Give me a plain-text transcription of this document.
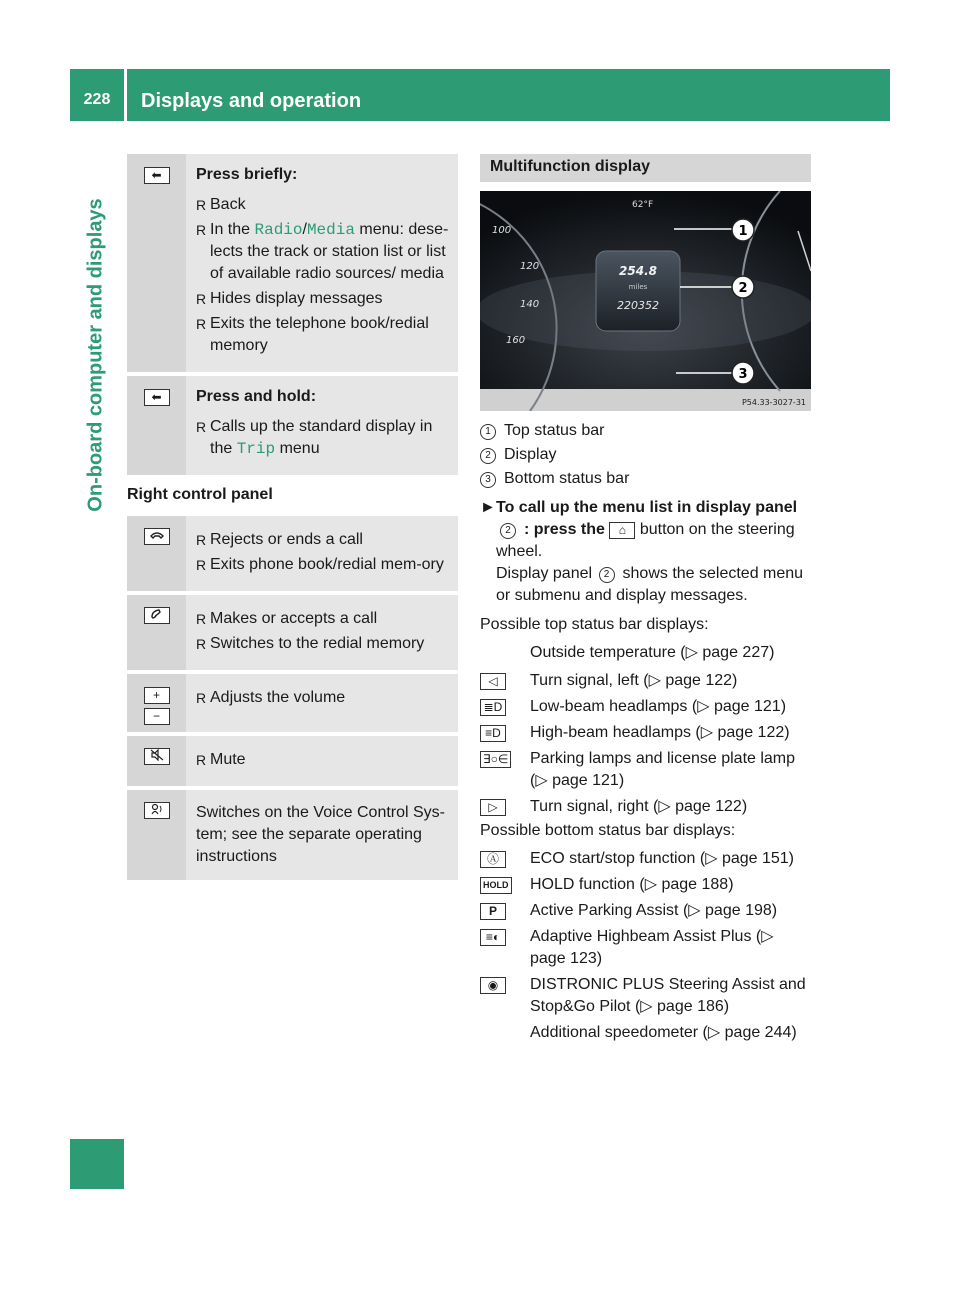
228	Displays and operation
On-board computer and displays
⬅	Press briefly:

R Back

R In the Radio/Media menu: dese-lects the track or station list or list of available radio sources/ media

R Hides display messages

R Exits the telephone book/redial memory

⬅	Press and hold:

R Calls up the standard display in the Trip menu

Right control panel

R Rejects or ends a call

R Exits phone book/redial mem-ory

R Makes or accepts a call

R Switches to the redial memory

+
−	R Adjusts the volume

R Mute

Switches on the Voice Control Sys-tem; see the separate operating instructions

Multifunction display
100
120
140
160
62°F
254.8
miles
220352
1
2
3
P54.33-3027-31

1 Top status bar

2 Display

3 Bottom status bar

► To call up the menu list in display panel 2 : press the ⌂ button on the steering wheel.
Display panel 2 shows the selected menu or submenu and display messages.

Possible top status bar displays:

Outside temperature (▷ page 227)

◁	Turn signal, left (▷ page 122)

≣D Low-beam headlamps (▷ page 121)

≡D	High-beam headlamps (▷ page 122)

∃○∈ Parking lamps and license plate lamp (▷ page 121)

▷	Turn signal, right (▷ page 122)

Possible bottom status bar displays:

Ⓐ	ECO start/stop function (▷ page 151)

HOLD HOLD function (▷ page 188)

P	Active Parking Assist (▷ page 198)

≡◐	Adaptive Highbeam Assist Plus (▷ page 123)

◉	DISTRONIC PLUS Steering Assist and Stop&Go Pilot (▷ page 186)

Additional speedometer (▷ page 244)
